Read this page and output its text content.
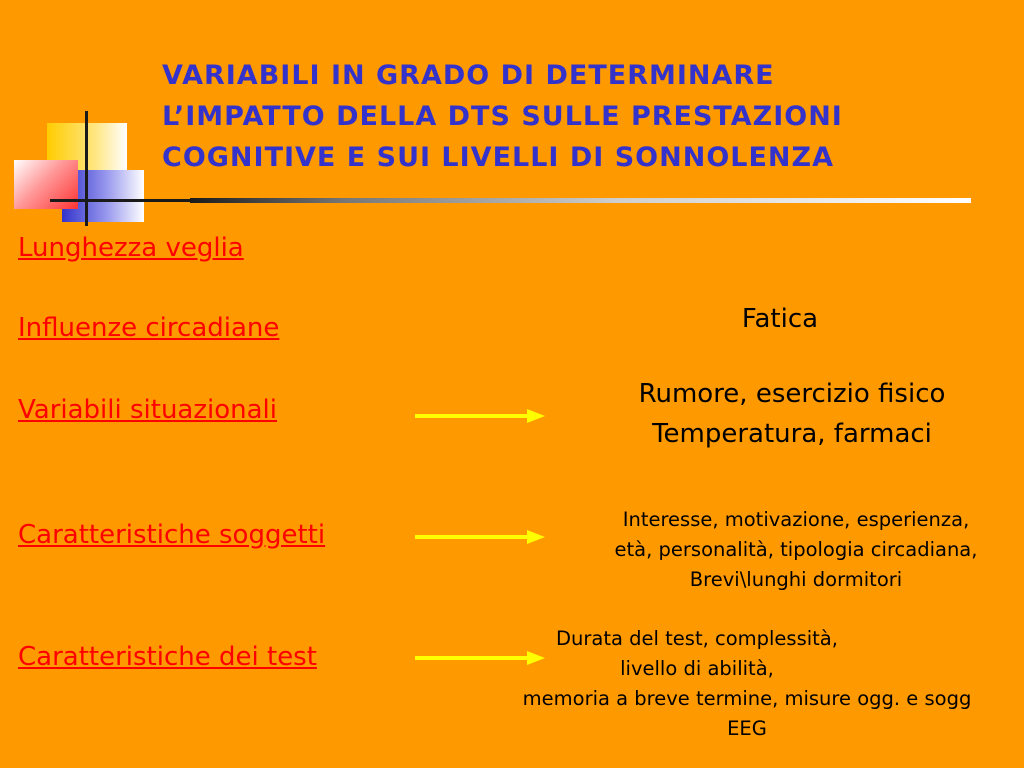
VARIABILI IN GRADO DI DETERMINARE
L’IMPATTO DELLA DTS SULLE PRESTAZIONI
COGNITIVE E SUI LIVELLI DI SONNOLENZA
Lunghezza veglia
Influenze circadiane
Variabili situazionali
Caratteristiche soggetti
Caratteristiche dei test
Fatica
Rumore, esercizio fisico
Temperatura, farmaci
Interesse, motivazione, esperienza,
età, personalità, tipologia circadiana,
Brevi\lunghi dormitori
Durata del test, complessità,
livello di abilità,
memoria a breve termine, misure ogg. e sogg
EEG
